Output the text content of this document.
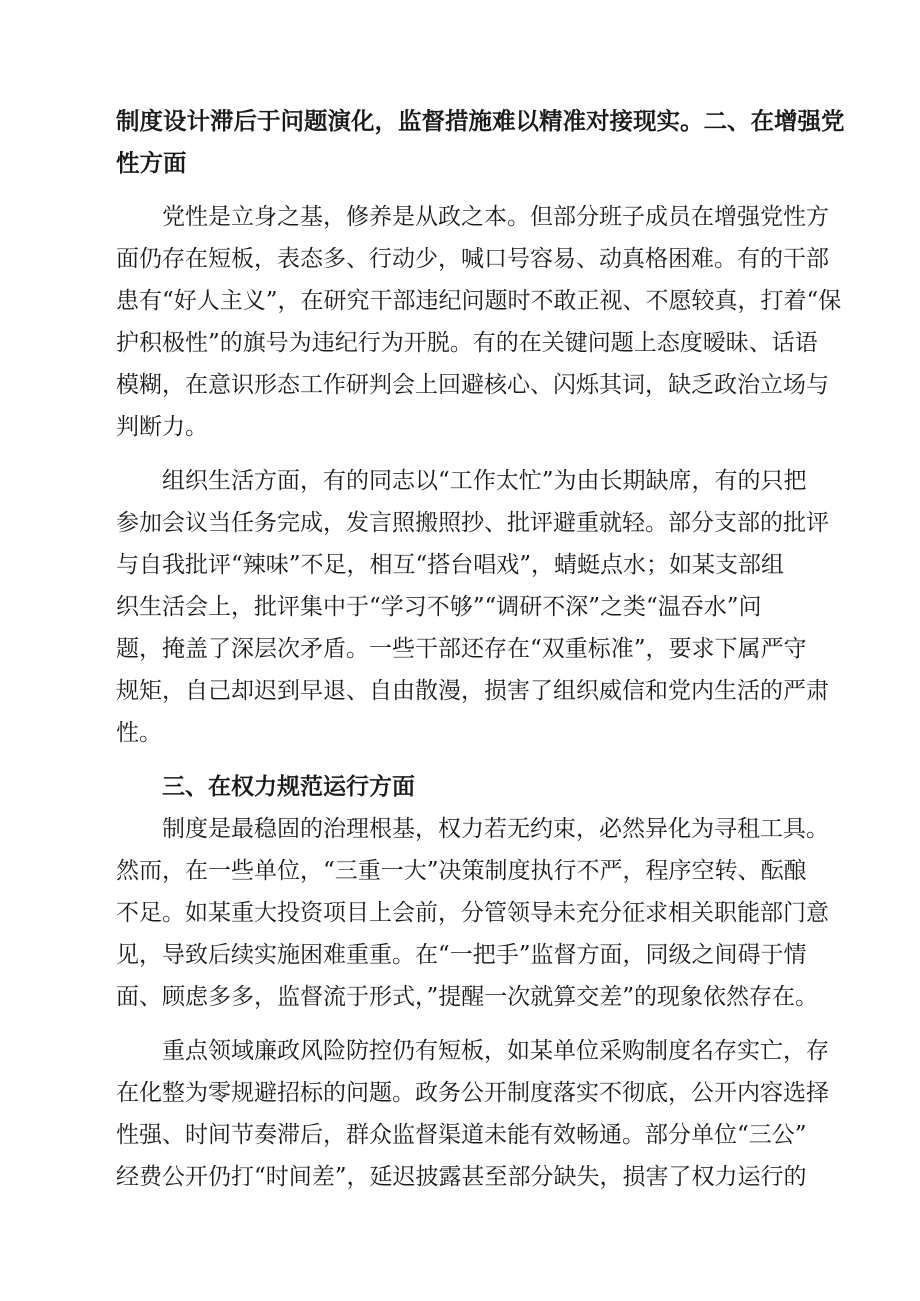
制度设计滞后于问题演化，监督措施难以精准对接现实。二、在增强党
性方面
党性是立身之基，修养是从政之本。但部分班子成员在增强党性方
面仍存在短板，表态多、行动少，喊口号容易、动真格困难。有的干部
患有“好人主义”，在研究干部违纪问题时不敢正视、不愿较真，打着“保
护积极性”的旗号为违纪行为开脱。有的在关键问题上态度暧昧、话语
模糊，在意识形态工作研判会上回避核心、闪烁其词，缺乏政治立场与
判断力。
组织生活方面，有的同志以“工作太忙”为由长期缺席，有的只把
参加会议当任务完成，发言照搬照抄、批评避重就轻。部分支部的批评
与自我批评“辣味”不足，相互“搭台唱戏”，蜻蜓点水；如某支部组
织生活会上，批评集中于“学习不够”“调研不深”之类“温吞水”问
题，掩盖了深层次矛盾。一些干部还存在“双重标准”，要求下属严守
规矩，自己却迟到早退、自由散漫，损害了组织威信和党内生活的严肃
性。
三、在权力规范运行方面
制度是最稳固的治理根基，权力若无约束，必然异化为寻租工具。
然而，在一些单位，“三重一大”决策制度执行不严，程序空转、酝酿
不足。如某重大投资项目上会前，分管领导未充分征求相关职能部门意
见，导致后续实施困难重重。在“一把手”监督方面，同级之间碍于情
面、顾虑多多，监督流于形式，”提醒一次就算交差”的现象依然存在。
重点领域廉政风险防控仍有短板，如某单位采购制度名存实亡，存
在化整为零规避招标的问题。政务公开制度落实不彻底，公开内容选择
性强、时间节奏滞后，群众监督渠道未能有效畅通。部分单位“三公”
经费公开仍打“时间差”，延迟披露甚至部分缺失，损害了权力运行的
